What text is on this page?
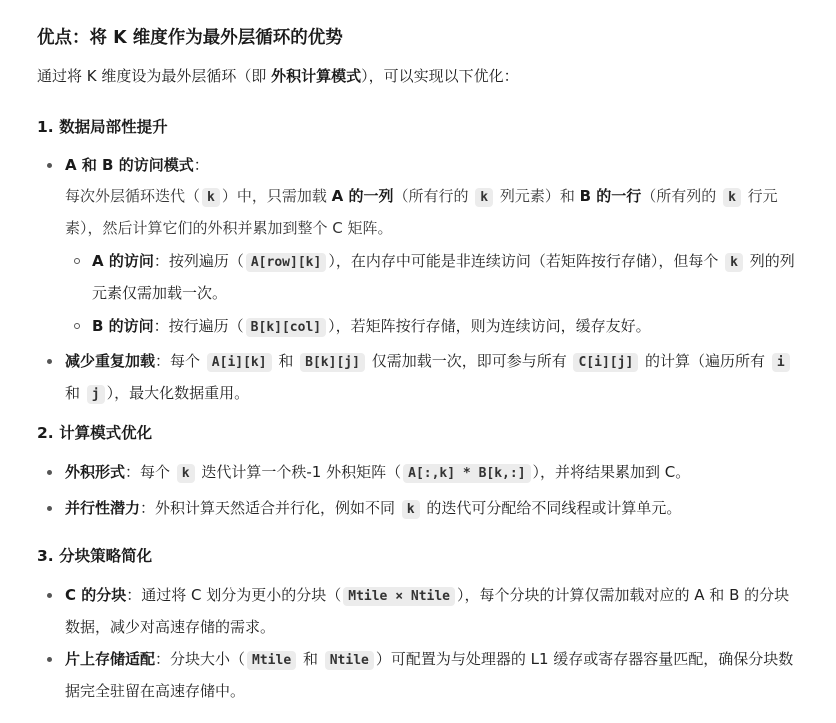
优点：将 K 维度作为最外层循环的优势
通过将 K 维度设为最外层循环（即 外积计算模式），可以实现以下优化：
1. 数据局部性提升
A 和 B 的访问模式：
每次外层循环迭代（ k ）中，只需加载 A 的一列（所有行的 k 列元素）和 B 的一行（所有列的 k 行元素），然后计算它们的外积并累加到整个 C 矩阵。
A 的访问：按列遍历（ A[row][k] ），在内存中可能是非连续访问（若矩阵按行存储），但每个 k 列的列元素仅需加载一次。
B 的访问：按行遍历（ B[k][col] ），若矩阵按行存储，则为连续访问，缓存友好。
减少重复加载：每个 A[i][k] 和 B[k][j] 仅需加载一次，即可参与所有 C[i][j] 的计算（遍历所有 i 和 j ），最大化数据重用。
2. 计算模式优化
外积形式：每个 k 迭代计算一个秩-1 外积矩阵（ A[:,k] * B[k,:] ），并将结果累加到 C。
并行性潜力：外积计算天然适合并行化，例如不同 k 的迭代可分配给不同线程或计算单元。
3. 分块策略简化
C 的分块：通过将 C 划分为更小的分块（ Mtile × Ntile ），每个分块的计算仅需加载对应的 A 和 B 的分块数据，减少对高速存储的需求。
片上存储适配：分块大小（ Mtile 和 Ntile ）可配置为与处理器的 L1 缓存或寄存器容量匹配，确保分块数据完全驻留在高速存储中。
